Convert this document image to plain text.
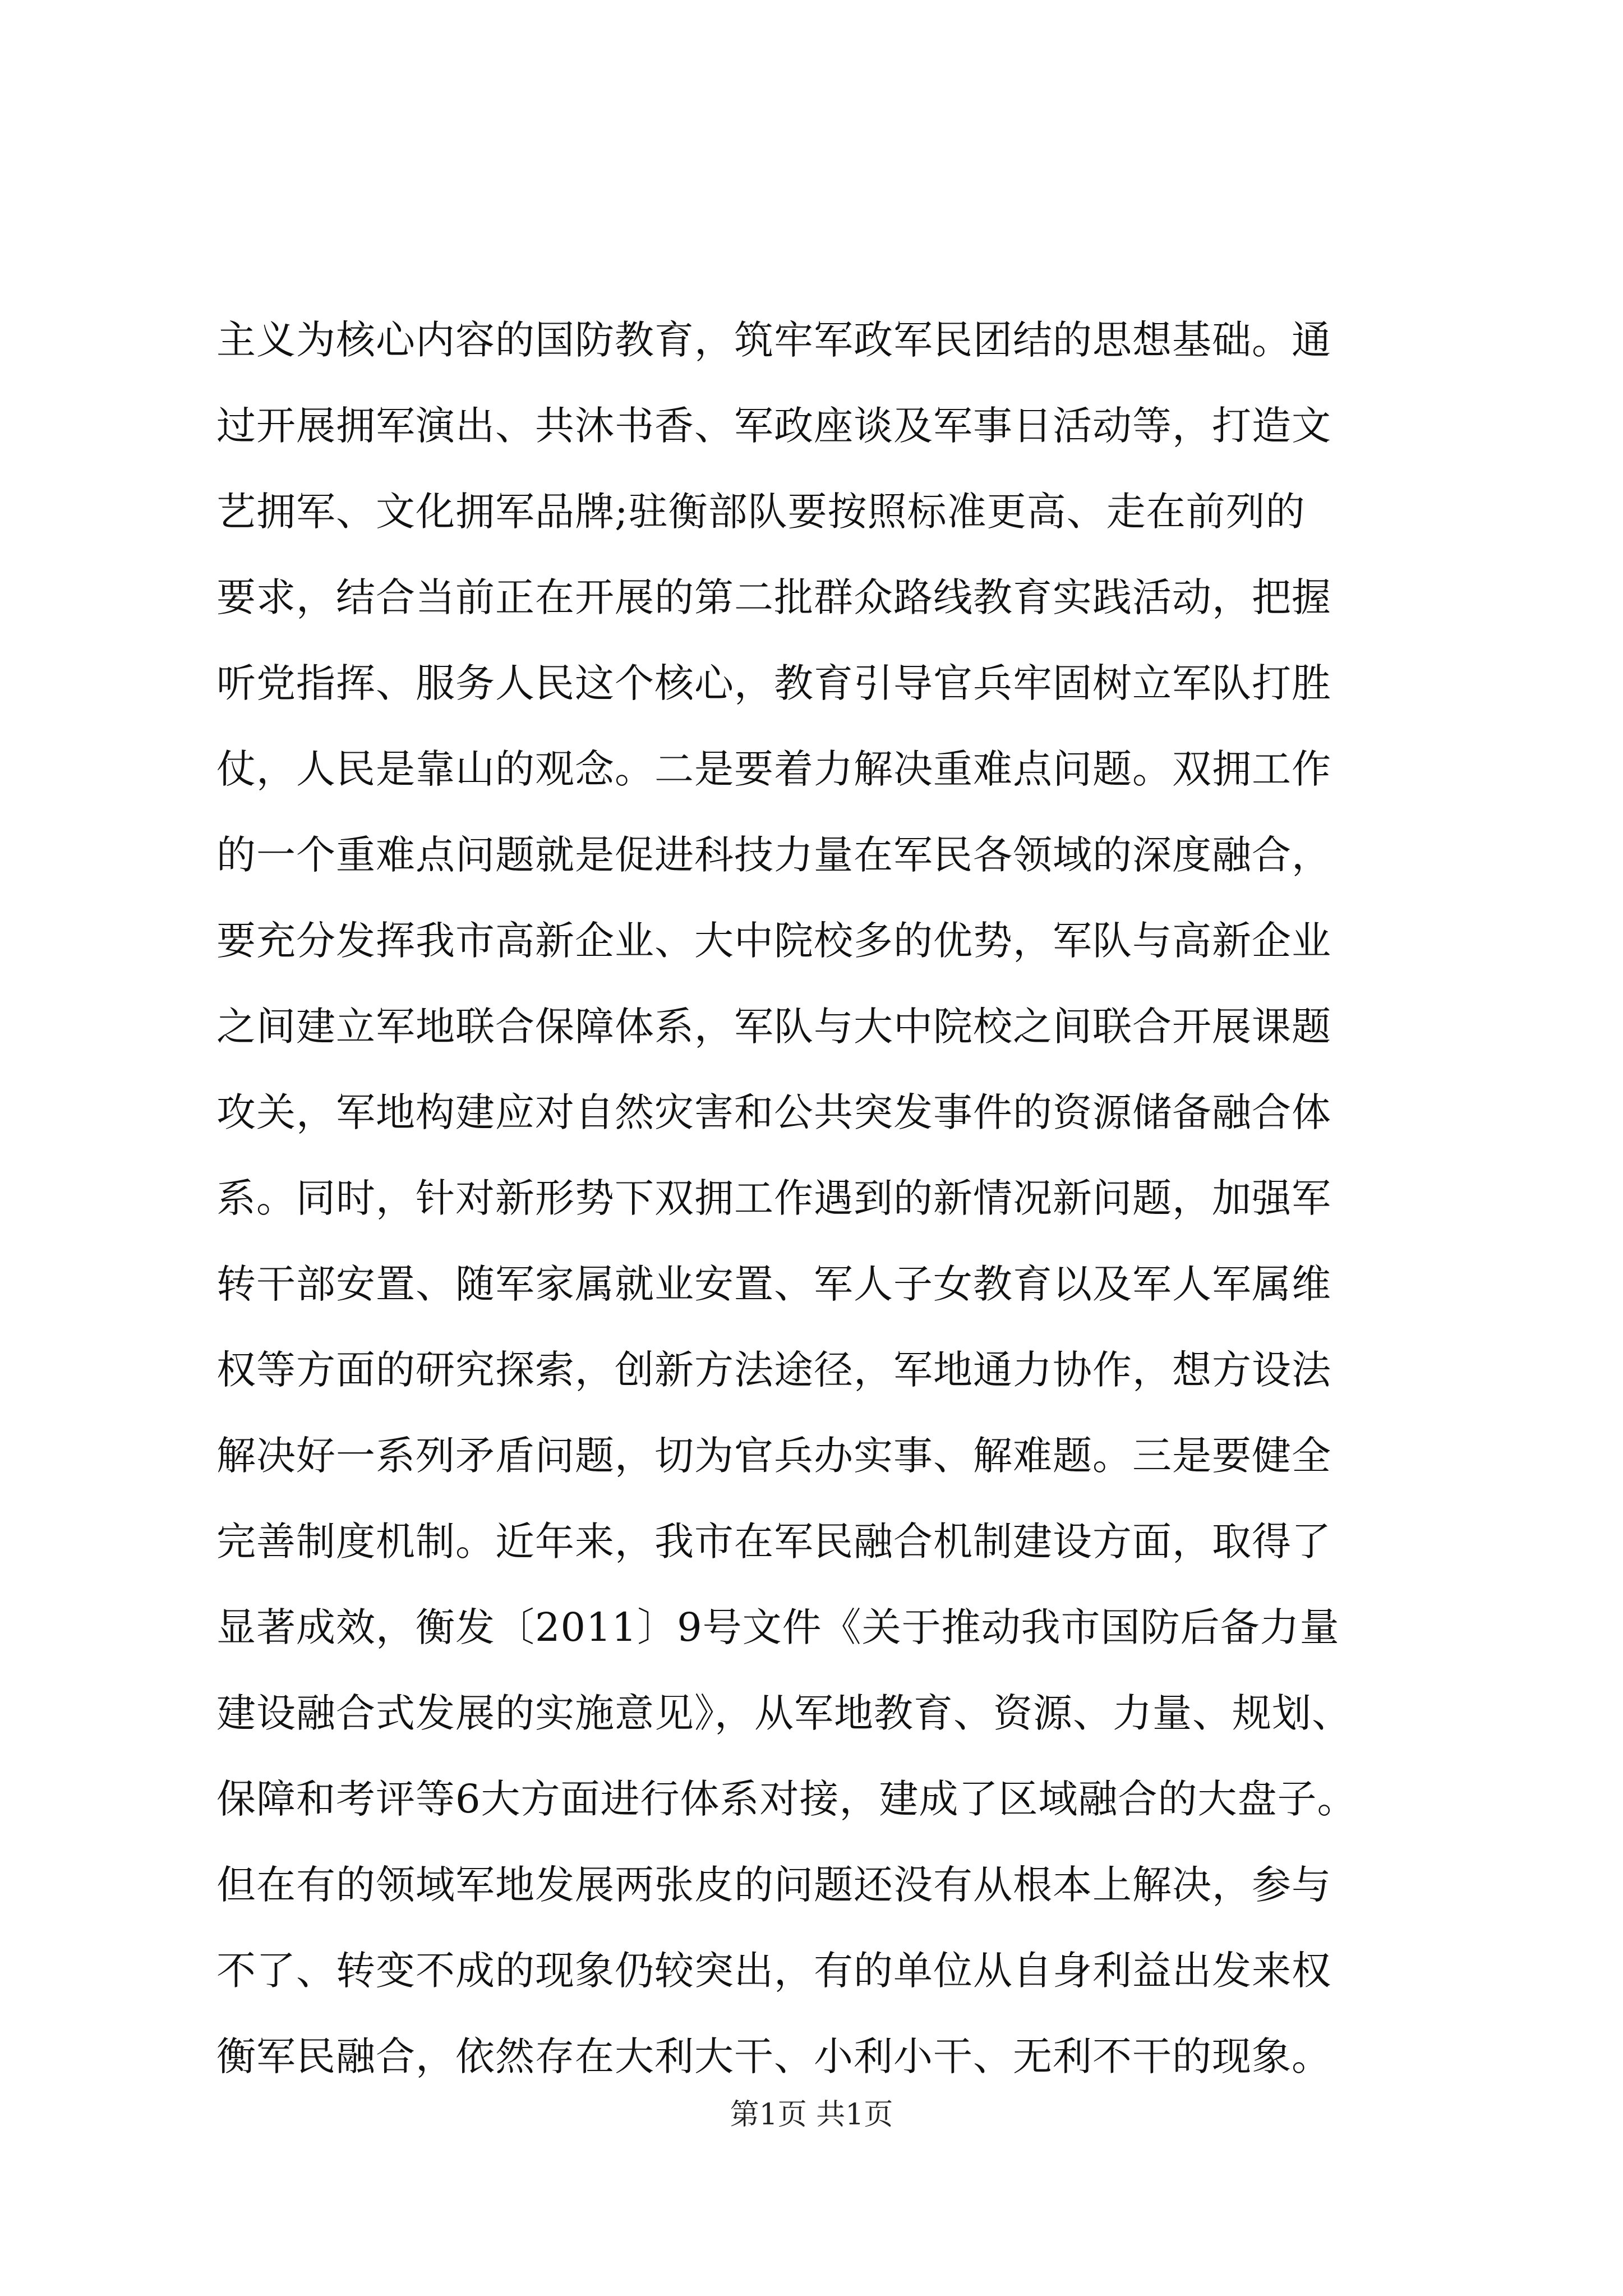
主义为核心内容的国防教育，筑牢军政军民团结的思想基础。通
过开展拥军演出、共沐书香、军政座谈及军事日活动等，打造文
艺拥军、文化拥军品牌;驻衡部队要按照标准更高、走在前列的
要求，结合当前正在开展的第二批群众路线教育实践活动，把握
听党指挥、服务人民这个核心，教育引导官兵牢固树立军队打胜
仗，人民是靠山的观念。二是要着力解决重难点问题。双拥工作
的一个重难点问题就是促进科技力量在军民各领域的深度融合，
要充分发挥我市高新企业、大中院校多的优势，军队与高新企业
之间建立军地联合保障体系，军队与大中院校之间联合开展课题
攻关，军地构建应对自然灾害和公共突发事件的资源储备融合体
系。同时，针对新形势下双拥工作遇到的新情况新问题，加强军
转干部安置、随军家属就业安置、军人子女教育以及军人军属维
权等方面的研究探索，创新方法途径，军地通力协作，想方设法
解决好一系列矛盾问题，切为官兵办实事、解难题。三是要健全
完善制度机制。近年来，我市在军民融合机制建设方面，取得了
显著成效，衡发〔2011〕9号文件《关于推动我市国防后备力量
建设融合式发展的实施意见》，从军地教育、资源、力量、规划、
保障和考评等6大方面进行体系对接，建成了区域融合的大盘子。
但在有的领域军地发展两张皮的问题还没有从根本上解决，参与
不了、转变不成的现象仍较突出，有的单位从自身利益出发来权
衡军民融合，依然存在大利大干、小利小干、无利不干的现象。
第1页 共1页
